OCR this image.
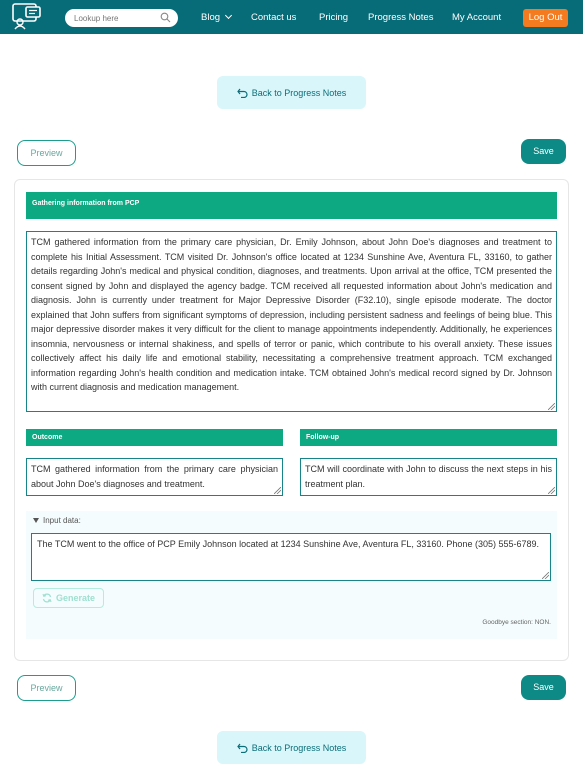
Lookup here
Blog	Contact us Pricing Progress Notes My Account	Log Out
Back to Progress Notes
Preview	Save
Gathering information from PCP
TCM gathered information from the primary care physician, Dr. Emily Johnson, about John Doe's diagnoses and treatment to complete his Initial Assessment. TCM visited Dr. Johnson's office located at 1234 Sunshine Ave, Aventura FL, 33160, to gather details regarding John's medical and physical condition, diagnoses, and treatments. Upon arrival at the office, TCM presented the consent signed by John and displayed the agency badge. TCM received all requested information about John's medication and diagnosis. John is currently under treatment for Major Depressive Disorder (F32.10), single episode moderate. The doctor explained that John suffers from significant symptoms of depression, including persistent sadness and feelings of being blue. This major depressive disorder makes it very difficult for the client to manage appointments independently. Additionally, he experiences insomnia, nervousness or internal shakiness, and spells of terror or panic, which contribute to his overall anxiety. These issues collectively affect his daily life and emotional stability, necessitating a comprehensive treatment approach. TCM exchanged information regarding John's health condition and medication intake. TCM obtained John's medical record signed by Dr. Johnson with current diagnosis and medication management.
Outcome	Follow-up
TCM gathered information from the primary care physician about John Doe's diagnoses and treatment.
TCM will coordinate with John to discuss the next steps in his treatment plan.
Input data:
The TCM went to the office of PCP Emily Johnson located at 1234 Sunshine Ave, Aventura FL, 33160. Phone (305) 555-6789.
Generate
Goodbye section: NON.
Preview	Save
Back to Progress Notes
